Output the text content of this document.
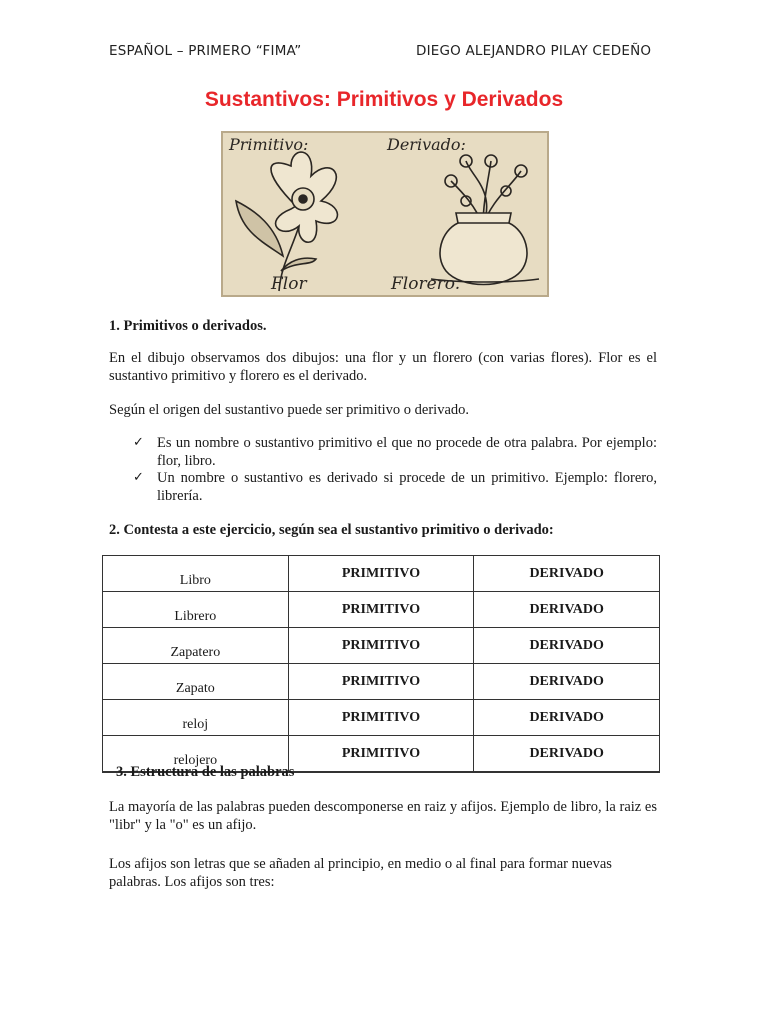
ESPAÑOL – PRIMERO “FIMA”	DIEGO ALEJANDRO PILAY CEDEÑO
Sustantivos: Primitivos y Derivados
Primitivo:	Derivado:
Flor	Florero.
1. Primitivos o derivados.
En el dibujo observamos dos dibujos: una flor y un florero (con varias flores). Flor es el sustantivo primitivo y florero es el derivado.
Según el origen del sustantivo puede ser primitivo o derivado.
✓ Es un nombre o sustantivo primitivo el que no procede de otra palabra. Por ejemplo: flor, libro.
✓ Un nombre o sustantivo es derivado si procede de un primitivo. Ejemplo: florero, librería.
2. Contesta a este ejercicio, según sea el sustantivo primitivo o derivado:
Libro	PRIMITIVO	DERIVADO
Librero	PRIMITIVO	DERIVADO
Zapatero	PRIMITIVO	DERIVADO
Zapato	PRIMITIVO	DERIVADO
reloj	PRIMITIVO	DERIVADO
relojero	PRIMITIVO	DERIVADO
3. Estructura de las palabras
La mayoría de las palabras pueden descomponerse en raiz y afijos. Ejemplo de libro, la raiz es "libr" y la "o" es un afijo.
Los afijos son letras que se añaden al principio, en medio o al final para formar nuevas palabras. Los afijos son tres:
